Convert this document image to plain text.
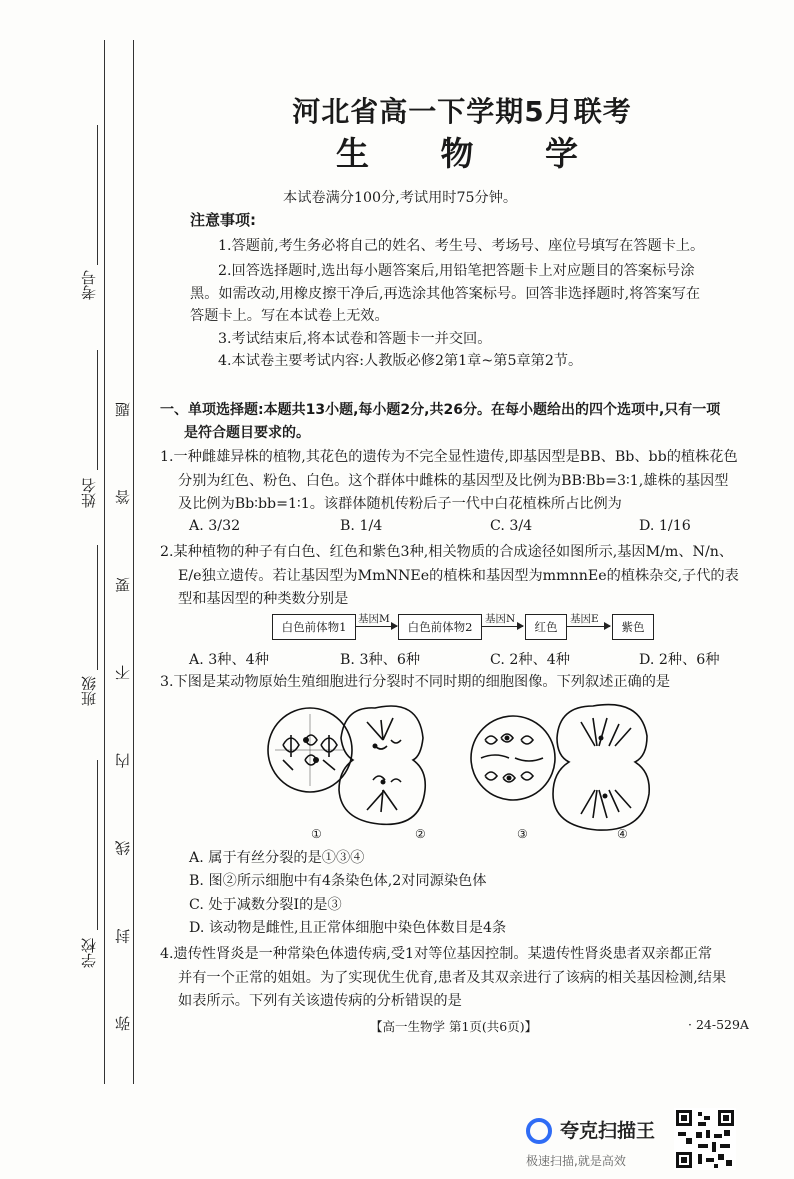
考号
姓名
班级
学校 弥 封 线 内 不 要 答 题
河北省高一下学期5月联考
生 物 学
本试卷满分100分,考试用时75分钟。
注意事项:
1.答题前,考生务必将自己的姓名、考生号、考场号、座位号填写在答题卡上。
2.回答选择题时,选出每小题答案后,用铅笔把答题卡上对应题目的答案标号涂
黑。如需改动,用橡皮擦干净后,再选涂其他答案标号。回答非选择题时,将答案写在
答题卡上。写在本试卷上无效。
3.考试结束后,将本试卷和答题卡一并交回。
4.本试卷主要考试内容:人教版必修2第1章~第5章第2节。
一、单项选择题:本题共13小题,每小题2分,共26分。在每小题给出的四个选项中,只有一项
是符合题目要求的。
1.一种雌雄异株的植物,其花色的遗传为不完全显性遗传,即基因型是BB、Bb、bb的植株花色
分别为红色、粉色、白色。这个群体中雌株的基因型及比例为BB∶Bb=3∶1,雄株的基因型
及比例为Bb∶bb=1∶1。该群体随机传粉后子一代中白花植株所占比例为
A. 3/32	B. 1/4	C. 3/4	D. 1/16
2.某种植物的种子有白色、红色和紫色3种,相关物质的合成途径如图所示,基因M/m、N/n、
E/e独立遗传。若让基因型为MmNNEe的植株和基因型为mmnnEe的植株杂交,子代的表
型和基因型的种类数分别是
白色前体物1
基因M
白色前体物2
基因N
红色
基因E
紫色
A. 3种、4种	B. 3种、6种	C. 2种、4种	D. 2种、6种
3.下图是某动物原始生殖细胞进行分裂时不同时期的细胞图像。下列叙述正确的是
①	②	③	④
A. 属于有丝分裂的是①③④
B. 图②所示细胞中有4条染色体,2对同源染色体
C. 处于减数分裂Ⅰ的是③
D. 该动物是雌性,且正常体细胞中染色体数目是4条
4.遗传性肾炎是一种常染色体遗传病,受1对等位基因控制。某遗传性肾炎患者双亲都正常
并有一个正常的姐姐。为了实现优生优育,患者及其双亲进行了该病的相关基因检测,结果
如表所示。下列有关该遗传病的分析错误的是
【高一生物学 第1页(共6页)】	· 24-529A
夸克扫描王
极速扫描,就是高效
